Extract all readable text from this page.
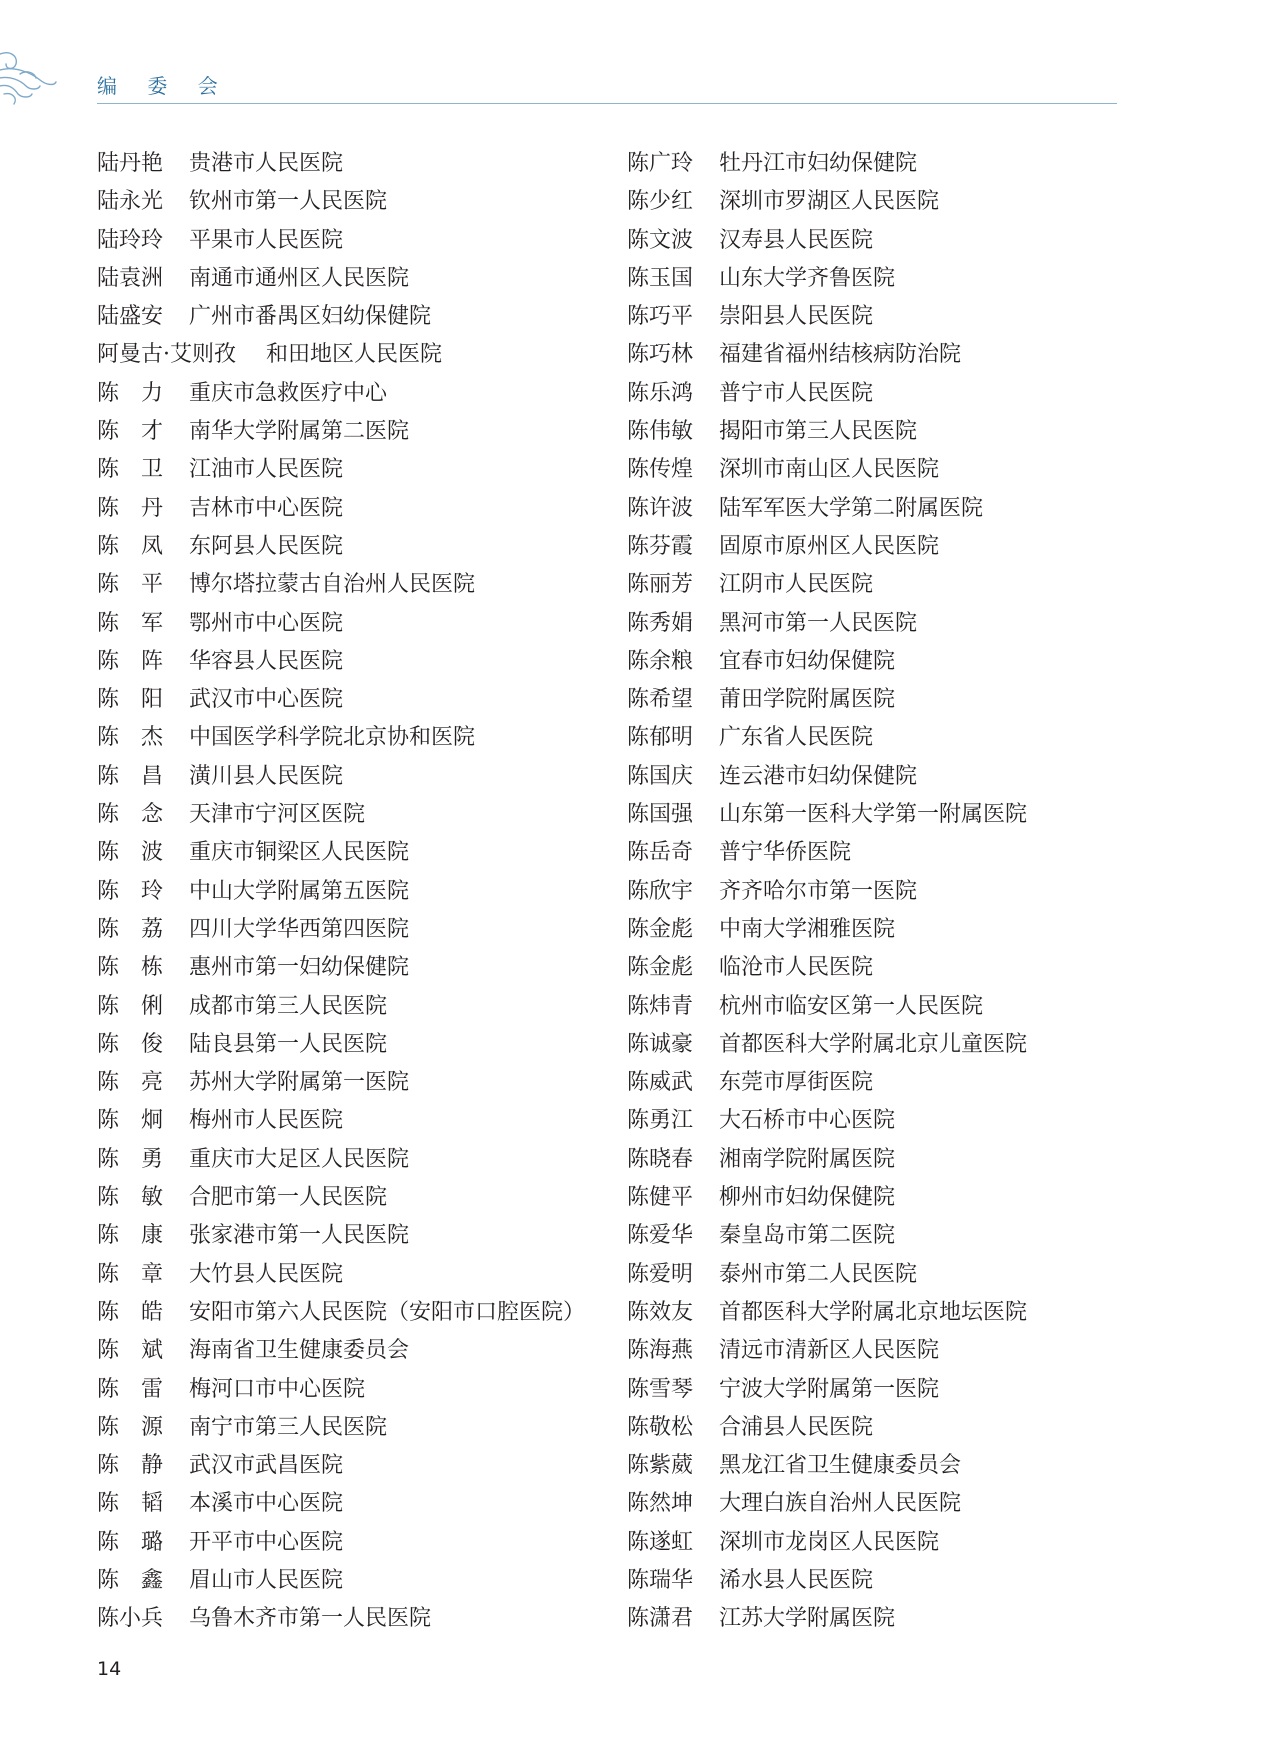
编 委 会
陆丹艳 贵港市人民医院
陆永光 钦州市第一人民医院
陆玲玲 平果市人民医院
陆袁洲 南通市通州区人民医院
陆盛安 广州市番禺区妇幼保健院
阿曼古·艾则孜 和田地区人民医院
陈力 重庆市急救医疗中心
陈才 南华大学附属第二医院
陈卫 江油市人民医院
陈丹 吉林市中心医院
陈凤 东阿县人民医院
陈平 博尔塔拉蒙古自治州人民医院
陈军 鄂州市中心医院
陈阵 华容县人民医院
陈阳 武汉市中心医院
陈杰 中国医学科学院北京协和医院
陈昌 潢川县人民医院
陈念 天津市宁河区医院
陈波 重庆市铜梁区人民医院
陈玲 中山大学附属第五医院
陈荔 四川大学华西第四医院
陈栋 惠州市第一妇幼保健院
陈俐 成都市第三人民医院
陈俊 陆良县第一人民医院
陈亮 苏州大学附属第一医院
陈炯 梅州市人民医院
陈勇 重庆市大足区人民医院
陈敏 合肥市第一人民医院
陈康 张家港市第一人民医院
陈章 大竹县人民医院
陈皓 安阳市第六人民医院（安阳市口腔医院）
陈斌 海南省卫生健康委员会
陈雷 梅河口市中心医院
陈源 南宁市第三人民医院
陈静 武汉市武昌医院
陈韬 本溪市中心医院
陈璐 开平市中心医院
陈鑫 眉山市人民医院
陈小兵 乌鲁木齐市第一人民医院
陈广玲 牡丹江市妇幼保健院
陈少红 深圳市罗湖区人民医院
陈文波 汉寿县人民医院
陈玉国 山东大学齐鲁医院
陈巧平 崇阳县人民医院
陈巧林 福建省福州结核病防治院
陈乐鸿 普宁市人民医院
陈伟敏 揭阳市第三人民医院
陈传煌 深圳市南山区人民医院
陈许波 陆军军医大学第二附属医院
陈芬霞 固原市原州区人民医院
陈丽芳 江阴市人民医院
陈秀娟 黑河市第一人民医院
陈余粮 宜春市妇幼保健院
陈希望 莆田学院附属医院
陈郁明 广东省人民医院
陈国庆 连云港市妇幼保健院
陈国强 山东第一医科大学第一附属医院
陈岳奇 普宁华侨医院
陈欣宇 齐齐哈尔市第一医院
陈金彪 中南大学湘雅医院
陈金彪 临沧市人民医院
陈炜青 杭州市临安区第一人民医院
陈诚豪 首都医科大学附属北京儿童医院
陈威武 东莞市厚街医院
陈勇江 大石桥市中心医院
陈晓春 湘南学院附属医院
陈健平 柳州市妇幼保健院
陈爱华 秦皇岛市第二医院
陈爱明 泰州市第二人民医院
陈效友 首都医科大学附属北京地坛医院
陈海燕 清远市清新区人民医院
陈雪琴 宁波大学附属第一医院
陈敬松 合浦县人民医院
陈紫葳 黑龙江省卫生健康委员会
陈然坤 大理白族自治州人民医院
陈遂虹 深圳市龙岗区人民医院
陈瑞华 浠水县人民医院
陈潇君 江苏大学附属医院
14
